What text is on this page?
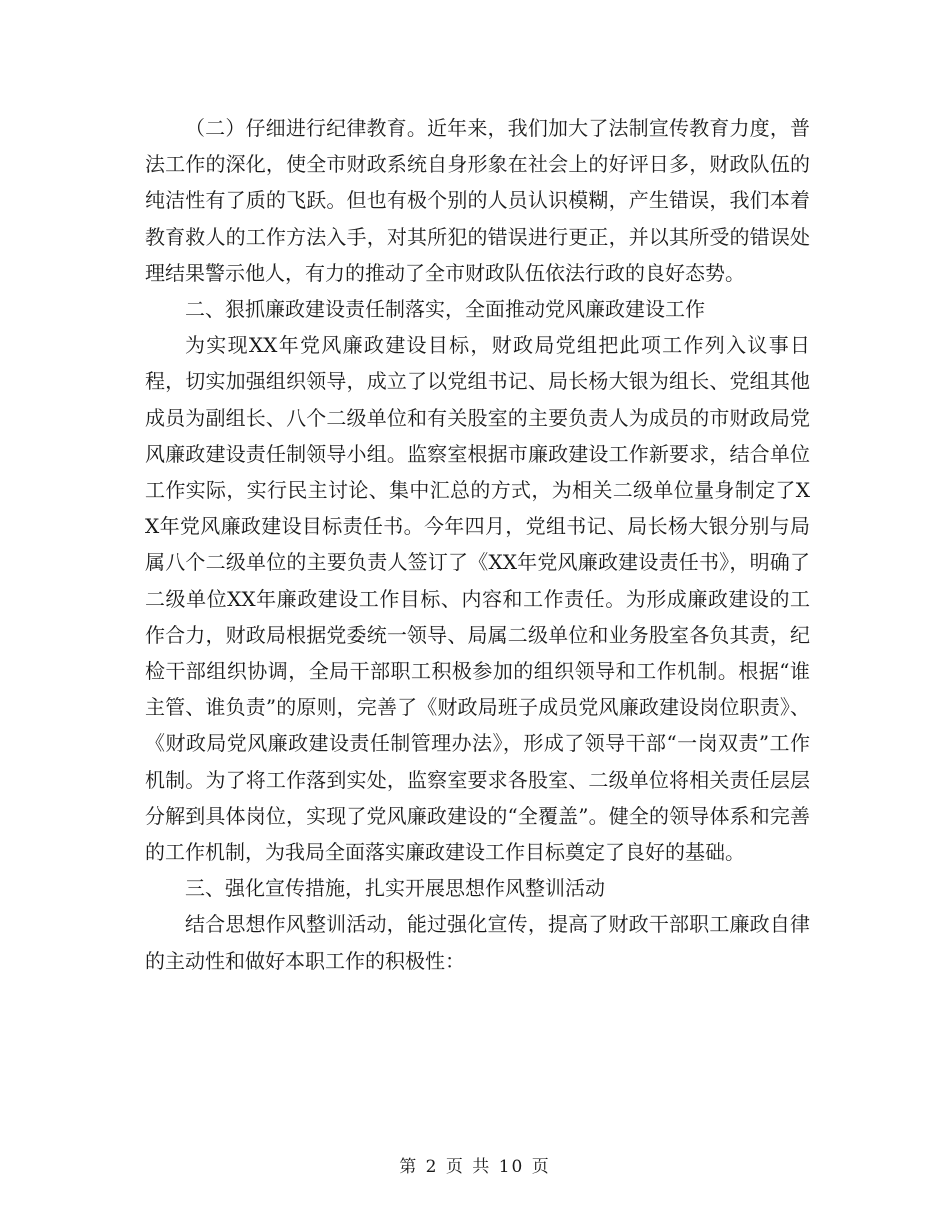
（二）仔细进行纪律教育。近年来，我们加大了法制宣传教育力度，普法工作的深化，使全市财政系统自身形象在社会上的好评日多，财政队伍的纯洁性有了质的飞跃。但也有极个别的人员认识模糊，产生错误，我们本着教育救人的工作方法入手，对其所犯的错误进行更正，并以其所受的错误处理结果警示他人，有力的推动了全市财政队伍依法行政的良好态势。

二、狠抓廉政建设责任制落实，全面推动党风廉政建设工作

为实现XX年党风廉政建设目标，财政局党组把此项工作列入议事日程，切实加强组织领导，成立了以党组书记、局长杨大银为组长、党组其他成员为副组长、八个二级单位和有关股室的主要负责人为成员的市财政局党风廉政建设责任制领导小组。监察室根据市廉政建设工作新要求，结合单位工作实际，实行民主讨论、集中汇总的方式，为相关二级单位量身制定了XX年党风廉政建设目标责任书。今年四月，党组书记、局长杨大银分别与局属八个二级单位的主要负责人签订了《XX年党风廉政建设责任书》，明确了二级单位XX年廉政建设工作目标、内容和工作责任。为形成廉政建设的工作合力，财政局根据党委统一领导、局属二级单位和业务股室各负其责，纪检干部组织协调，全局干部职工积极参加的组织领导和工作机制。根据“谁主管、谁负责”的原则，完善了《财政局班子成员党风廉政建设岗位职责》、《财政局党风廉政建设责任制管理办法》，形成了领导干部“一岗双责”工作机制。为了将工作落到实处，监察室要求各股室、二级单位将相关责任层层分解到具体岗位，实现了党风廉政建设的“全覆盖”。健全的领导体系和完善的工作机制，为我局全面落实廉政建设工作目标奠定了良好的基础。

三、强化宣传措施，扎实开展思想作风整训活动

结合思想作风整训活动，能过强化宣传，提高了财政干部职工廉政自律的主动性和做好本职工作的积极性：

第 2 页 共 10 页
